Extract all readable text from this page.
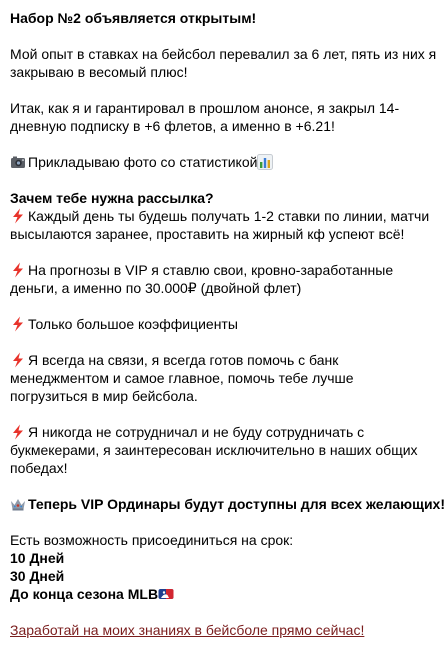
Набор №2 объявляется открытым!
Мой опыт в ставках на бейсбол перевалил за 6 лет, пять из них я
закрываю в весомый плюс!
Итак, как я и гарантировал в прошлом анонсе, я закрыл 14-
дневную подписку в +6 флетов, а именно в +6.21!
Прикладываю фото со статистикой
Зачем тебе нужна рассылка?
Каждый день ты будешь получать 1-2 ставки по линии, матчи
высылаются заранее, проставить на жирный кф успеют всё!
На прогнозы в VIP я ставлю свои, кровно-заработанные
деньги, а именно по 30.000₽ (двойной флет)
Только большое коэффициенты
Я всегда на связи, я всегда готов помочь с банк
менеджментом и самое главное, помочь тебе лучше
погрузиться в мир бейсбола.
Я никогда не сотрудничал и не буду сотрудничать с
букмекерами, я заинтересован исключительно в наших общих
победах!
Теперь VIP Ординары будут доступны для всех желающих!
Есть возможность присоединиться на срок:
10 Дней
30 Дней
До конца сезона MLB
Заработай на моих знаниях в бейсболе прямо сейчас!
